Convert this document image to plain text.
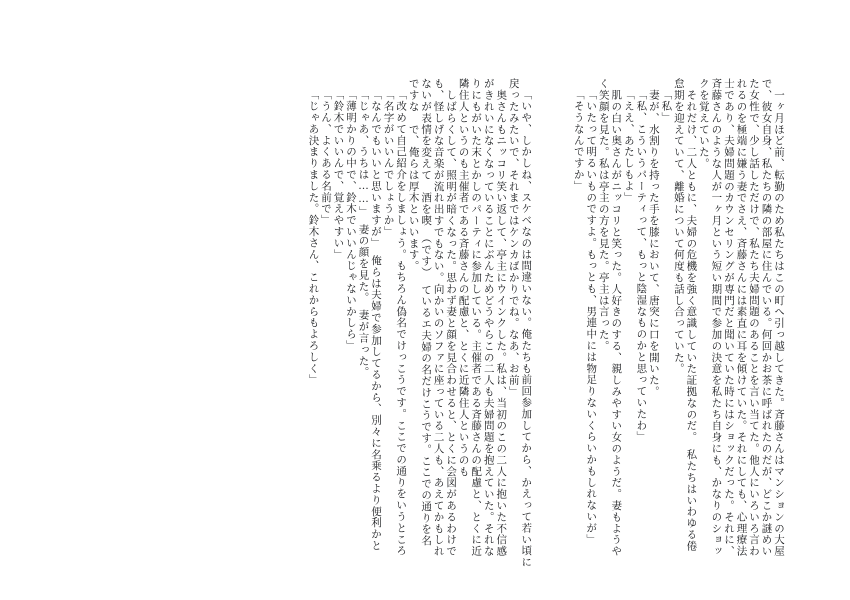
　一ヶ月ほど前、転勤のため私たちはこの町へ引っ越してきた。斉藤さんはマンションの大屋
で、彼女自身、私たちの隣の部屋に住んでいる。何回かお茶に呼ばれたのだが、どこか謎めい
た女性で、少し話しただけで、私たち夫婦問題のあることを言い当てた。他人にいろいろ言わ
れるのを極端に嫌う妻でさえ、斉藤さんには素直に耳を傾けていた。それにしても、心理療法
士であり、夫婦問題のカウンセリングが専門だと聞いていた時にはショックだった。それに、
斉藤さんのような人が一ヶ月という短い期間で参加の決意を私たち自身にも、かなりのショッ
クを覚えていた。
　それだけ、二人ともに、夫婦の危機を強く意識していた証拠なのだ。　私たちはいわゆる倦
怠期を迎えていて、離婚について何度も話し合っていた。
「私」
　妻が、水割りを持った手を膝において、唐突に口を開いた。
「私、こういうパーティって、もっと陰湿なものかと思っていたわ」
「ええ、あたしもよ」
　肌の白い奥さんがニッコリと笑った。人好きのする、親しみやすい女のようだ。妻もようや
く笑顔を見た。私は亭主の方を見た。亭主は言った。
「いたって明るいものですよ。もっとも、男連中には物足りないくらいかもしれないが」
「そうなんですか」
「いや、しかしね、スケベなのは間違いない。俺たちも前回参加してから、かえって若い頃に
戻ったみたいで、それまではケンカばかりでね。なあ、お前」
　奥さんもニッコリ笑い返して、亭主にウインクした。私は、当初のこの二人に抱いた不信感
がきれいになくなっていることにぶんためどうやらこの二人も夫婦問題を抱えていた。それな
りにもがいた末とかしのパーティに参加している。主催者である斉藤さんの配慮と、とくに近
隣住人というのも主催者である斉藤さんの配慮と、とくに近隣住人というのも
　しばらくして、照明が暗くなった。思わず妻と顔を見合わせると、とくに会図があるわけで
も、怪しげな音楽が流れ出すでもない。向かいのソファに座っている二人も、あえてかもしれ
ないが表情を変えて　酒を喫　（です）　ているエ夫婦の名だけこうです。ここでの通りを名
ですな　で、俺らは厚木といいます。
「改めて自己紹介をしましょう。もちろん偽名でけっこうです。ここでの通りをいうところ
「名字がいいんでしょうか」
「なんでもいいと思いますが」　俺らは夫婦で参加してるから、別々に名乗るより便利かと
「じゃあ、うちは……」　妻の顔を見た。　妻が言った。
「薄明かりの中で、鈴木でいいんじゃないかしら」
「鈴木でいいんで、覚えやすい」
「うん、よくある名前で」
「じゃあ決まりました。鈴木さん、これからもよろしく」
